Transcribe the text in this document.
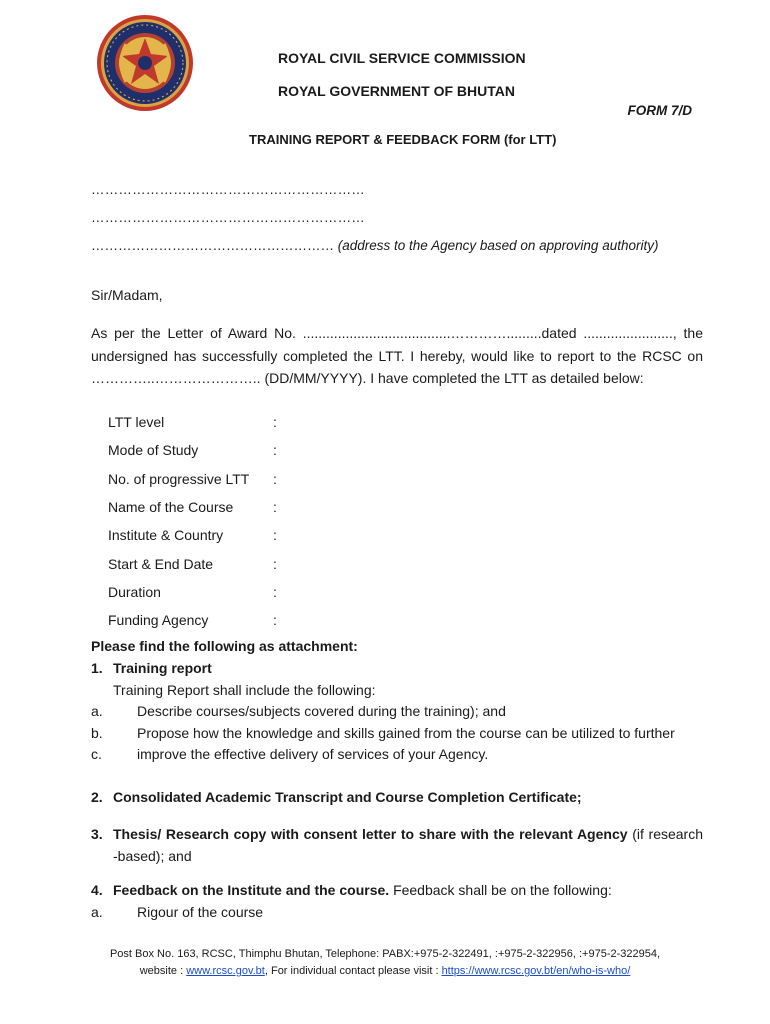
ROYAL CIVIL SERVICE COMMISSION
ROYAL GOVERNMENT OF BHUTAN
FORM 7/D
TRAINING REPORT & FEEDBACK FORM (for LTT)
……………………………………………………
……………………………………………………
……………………………………………… (address to the Agency based on approving authority)
Sir/Madam,
As per the Letter of Award No. ......................................………….........dated ......................., the undersigned has successfully completed the LTT. I hereby, would like to report to the RCSC on …………..………………….. (DD/MM/YYYY). I have completed the LTT as detailed below:
LTT level	:
Mode of Study	:
No. of progressive LTT	:
Name of the Course	:
Institute & Country	:
Start & End Date	:
Duration	:
Funding Agency	:
Please find the following as attachment:
1. Training report
Training Report shall include the following:
a.	Describe courses/subjects covered during the training); and
b.	Propose how the knowledge and skills gained from the course can be utilized to further
c.	improve the effective delivery of services of your Agency.
2. Consolidated Academic Transcript and Course Completion Certificate;
3. Thesis/ Research copy with consent letter to share with the relevant Agency (if research
-based); and
4. Feedback on the Institute and the course. Feedback shall be on the following:
a.	Rigour of the course
Post Box No. 163, RCSC, Thimphu Bhutan, Telephone: PABX:+975-2-322491, :+975-2-322956, :+975-2-322954,
website : www.rcsc.gov.bt, For individual contact please visit : https://www.rcsc.gov.bt/en/who-is-who/
